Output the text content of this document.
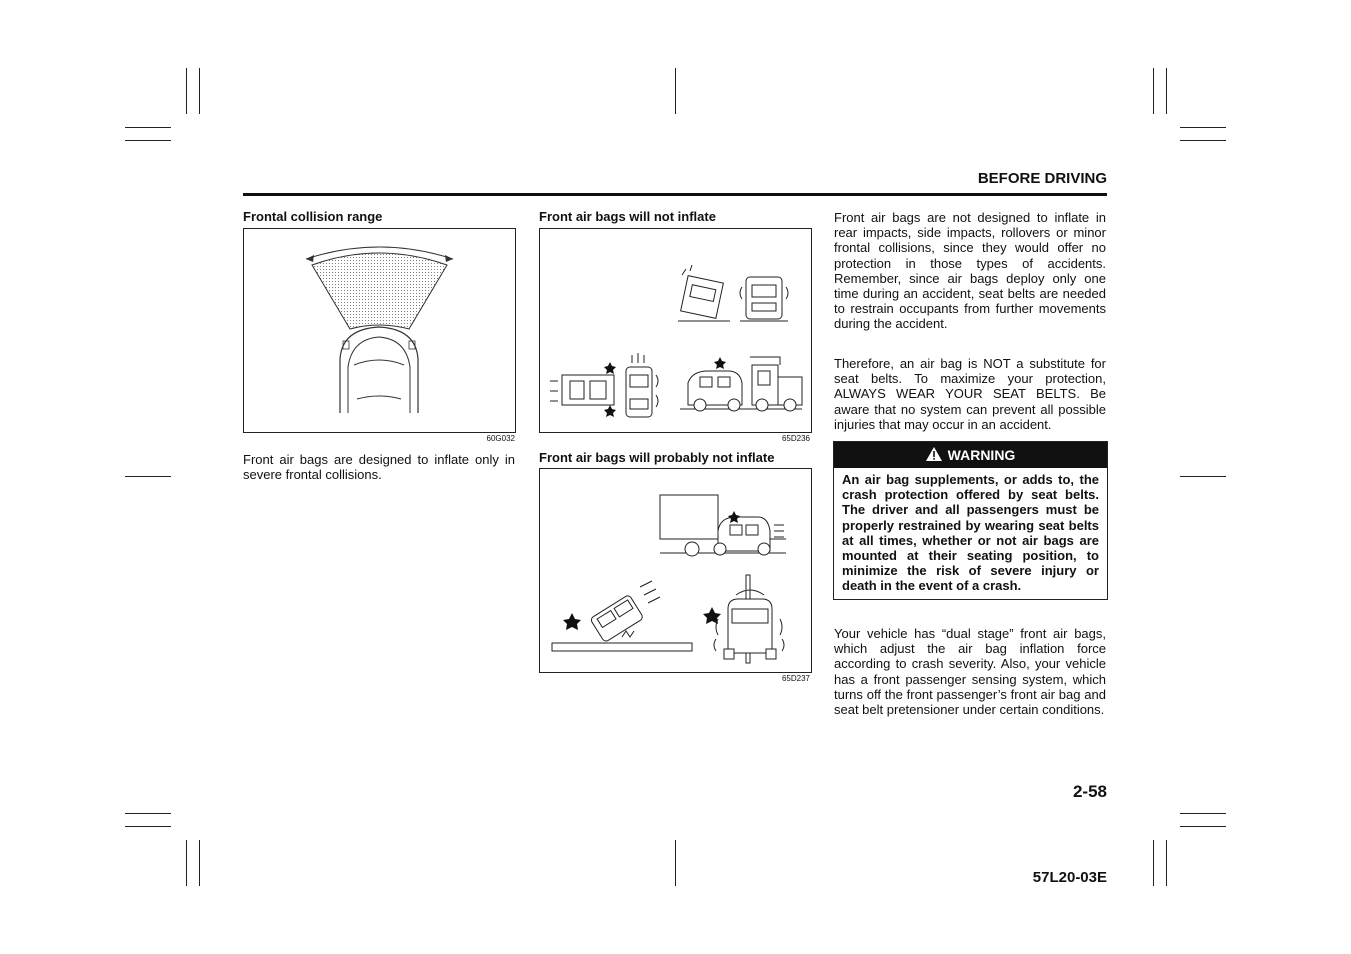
BEFORE DRIVING
Frontal collision range
60G032
Front air bags are designed to inflate only in severe frontal collisions.
Front air bags will not inflate
65D236
Front air bags will probably not inflate
65D237
Front air bags are not designed to inflate in rear impacts, side impacts, rollovers or minor frontal collisions, since they would offer no protection in those types of accidents. Remember, since air bags deploy only one time during an accident, seat belts are needed to restrain occupants from further movements during the accident.
Therefore, an air bag is NOT a substitute for seat belts. To maximize your protection, ALWAYS WEAR YOUR SEAT BELTS. Be aware that no system can prevent all possible injuries that may occur in an accident.
WARNING
An air bag supplements, or adds to, the crash protection offered by seat belts. The driver and all passengers must be properly restrained by wearing seat belts at all times, whether or not air bags are mounted at their seating position, to minimize the risk of severe injury or death in the event of a crash.
Your vehicle has “dual stage” front air bags, which adjust the air bag inflation force according to crash severity. Also, your vehicle has a front passenger sensing system, which turns off the front passenger’s front air bag and seat belt pretensioner under certain conditions.
2-58
57L20-03E
